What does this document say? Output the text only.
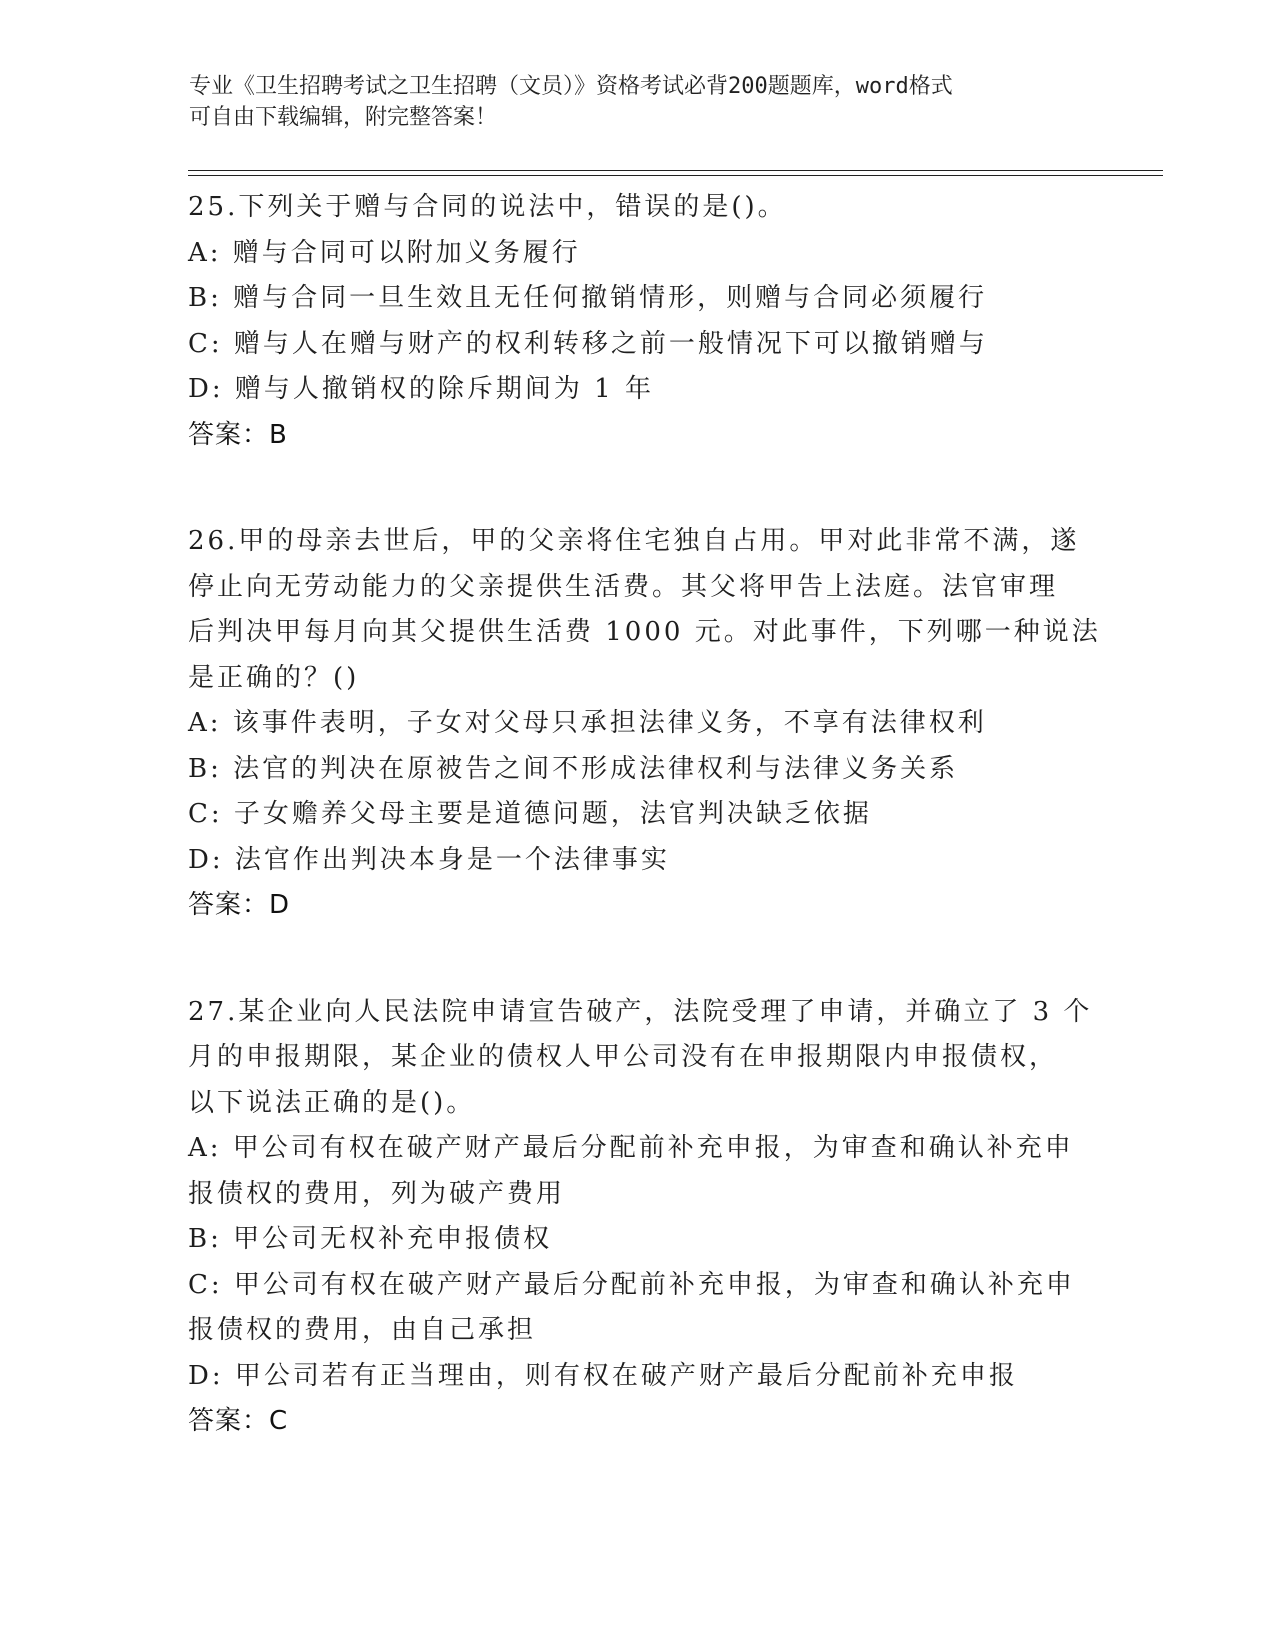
专业《卫生招聘考试之卫生招聘（文员）》资格考试必背200题题库，word格式
可自由下载编辑，附完整答案！
25.下列关于赠与合同的说法中，错误的是()。
A: 赠与合同可以附加义务履行
B: 赠与合同一旦生效且无任何撤销情形，则赠与合同必须履行
C: 赠与人在赠与财产的权利转移之前一般情况下可以撤销赠与
D: 赠与人撤销权的除斥期间为 1 年
答案：B
26.甲的母亲去世后，甲的父亲将住宅独自占用。甲对此非常不满，遂
停止向无劳动能力的父亲提供生活费。其父将甲告上法庭。法官审理
后判决甲每月向其父提供生活费 1000 元。对此事件，下列哪一种说法
是正确的？()
A: 该事件表明，子女对父母只承担法律义务，不享有法律权利
B: 法官的判决在原被告之间不形成法律权利与法律义务关系
C: 子女赡养父母主要是道德问题，法官判决缺乏依据
D: 法官作出判决本身是一个法律事实
答案：D
27.某企业向人民法院申请宣告破产，法院受理了申请，并确立了 3 个
月的申报期限，某企业的债权人甲公司没有在申报期限内申报债权，
以下说法正确的是()。
A: 甲公司有权在破产财产最后分配前补充申报，为审查和确认补充申
报债权的费用，列为破产费用
B: 甲公司无权补充申报债权
C: 甲公司有权在破产财产最后分配前补充申报，为审查和确认补充申
报债权的费用，由自己承担
D: 甲公司若有正当理由，则有权在破产财产最后分配前补充申报
答案：C
